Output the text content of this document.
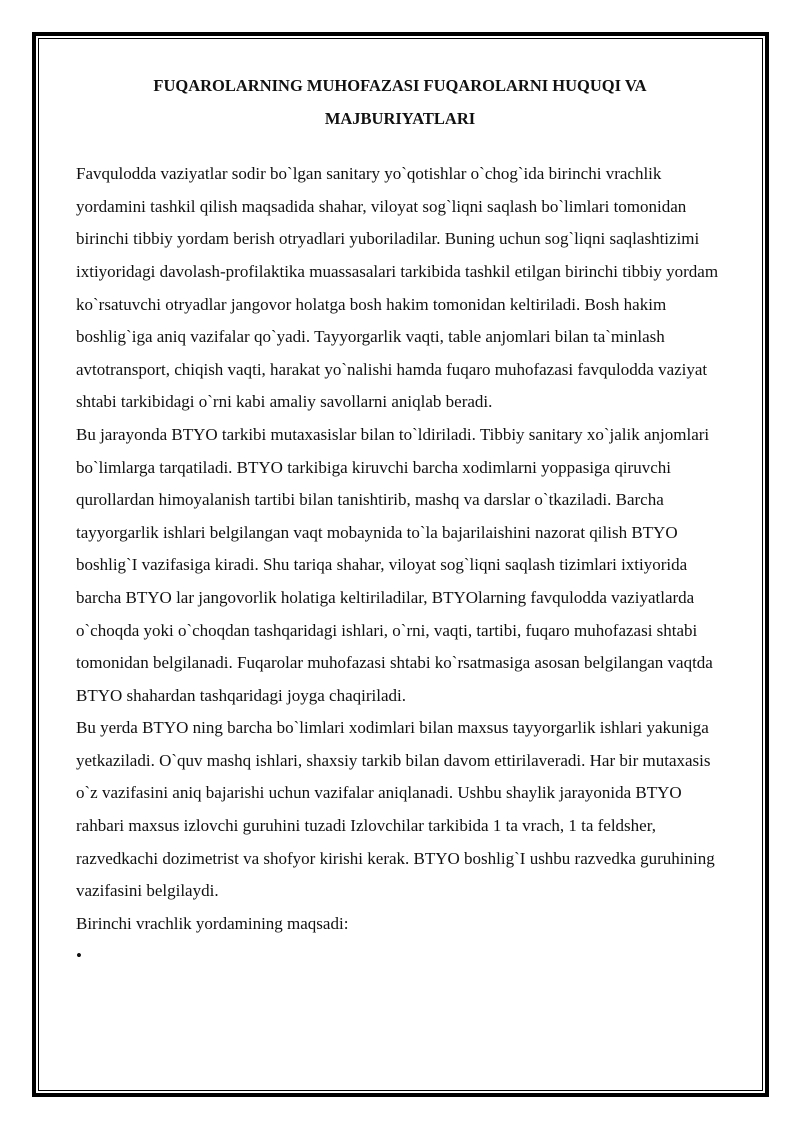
FUQAROLARNING MUHOFAZASI FUQAROLARNI HUQUQI VA MAJBURIYATLARI

Favqulodda vaziyatlar sodir bo`lgan sanitary yo`qotishlar o`chog`ida birinchi vrachlik yordamini tashkil qilish maqsadida shahar, viloyat sog`liqni saqlash bo`limlari tomonidan birinchi tibbiy yordam berish otryadlari yuboriladilar. Buning uchun sog`liqni saqlashtizimi ixtiyoridagi davolash-profilaktika muassasalari tarkibida tashkil etilgan birinchi tibbiy yordam ko`rsatuvchi otryadlar jangovor holatga bosh hakim tomonidan keltiriladi. Bosh hakim boshlig`iga aniq vazifalar qo`yadi. Tayyorgarlik vaqti, table anjomlari bilan ta`minlash avtotransport, chiqish vaqti, harakat yo`nalishi hamda fuqaro muhofazasi favqulodda vaziyat shtabi tarkibidagi o`rni kabi amaliy savollarni aniqlab beradi.

Bu jarayonda BTYO tarkibi mutaxasislar bilan to`ldiriladi. Tibbiy sanitary xo`jalik anjomlari bo`limlarga tarqatiladi. BTYO tarkibiga kiruvchi barcha xodimlarni yoppasiga qiruvchi qurollardan himoyalanish tartibi bilan tanishtirib, mashq va darslar o`tkaziladi. Barcha tayyorgarlik ishlari belgilangan vaqt mobaynida to`la bajarilaishini nazorat qilish BTYO boshlig`I vazifasiga kiradi. Shu tariqa shahar, viloyat sog`liqni saqlash tizimlari ixtiyorida barcha BTYO lar jangovorlik holatiga keltiriladilar, BTYOlarning favqulodda vaziyatlarda o`choqda yoki o`choqdan tashqaridagi ishlari, o`rni, vaqti, tartibi, fuqaro muhofazasi shtabi tomonidan belgilanadi. Fuqarolar muhofazasi shtabi ko`rsatmasiga asosan belgilangan vaqtda BTYO shahardan tashqaridagi joyga chaqiriladi.

Bu yerda BTYO ning barcha bo`limlari xodimlari bilan maxsus tayyorgarlik ishlari yakuniga yetkaziladi. O`quv mashq ishlari, shaxsiy tarkib bilan davom ettirilaveradi. Har bir mutaxasis o`z vazifasini aniq bajarishi uchun vazifalar aniqlanadi. Ushbu shaylik jarayonida BTYO rahbari maxsus izlovchi guruhini tuzadi Izlovchilar tarkibida 1 ta vrach, 1 ta feldsher, razvedkachi dozimetrist va shofyor kirishi kerak. BTYO boshlig`I ushbu razvedka guruhining vazifasini belgilaydi.

Birinchi vrachlik yordamining maqsadi:

•
